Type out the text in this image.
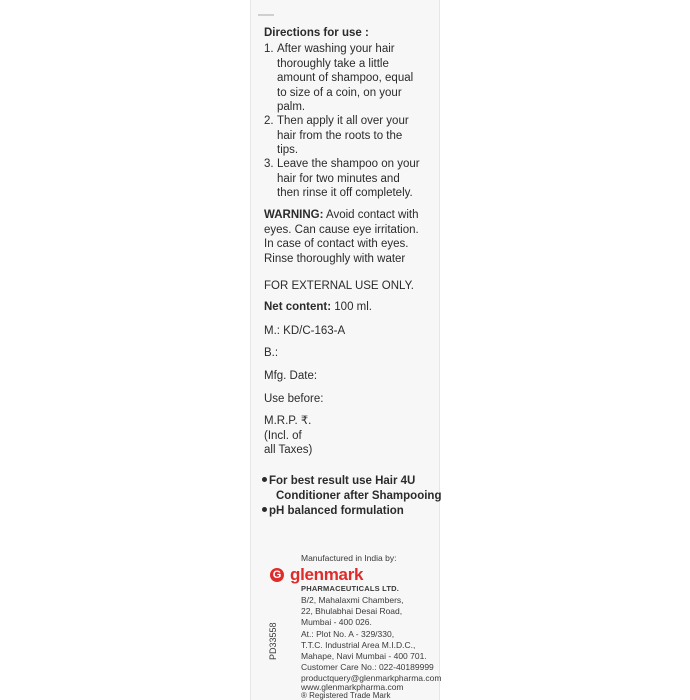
Directions for use :
1. After washing your hair
thoroughly take a little
amount of shampoo, equal
to size of a coin, on your
palm.
2. Then apply it all over your
hair from the roots to the
tips.
3. Leave the shampoo on your
hair for two minutes and
then rinse it off completely.
WARNING: Avoid contact with
eyes. Can cause eye irritation.
In case of contact with eyes.
Rinse thoroughly with water
FOR EXTERNAL USE ONLY.
Net content: 100 ml.
M.: KD/C-163-A
B.:
Mfg. Date:
Use before:
M.R.P. ₹.
(Incl. of
all Taxes)
For best result use Hair 4U
Conditioner after Shampooing
pH balanced formulation
Manufactured in India by:
G glenmark
PHARMACEUTICALS LTD.
B/2, Mahalaxmi Chambers,
22, Bhulabhai Desai Road,
Mumbai - 400 026.
At.: Plot No. A - 329/330,
T.T.C. Industrial Area M.I.D.C.,
Mahape, Navi Mumbai - 400 701.
Customer Care No.: 022-40189999
productquery@glenmarkpharma.com
www.glenmarkpharma.com
® Registered Trade Mark
PD33558
